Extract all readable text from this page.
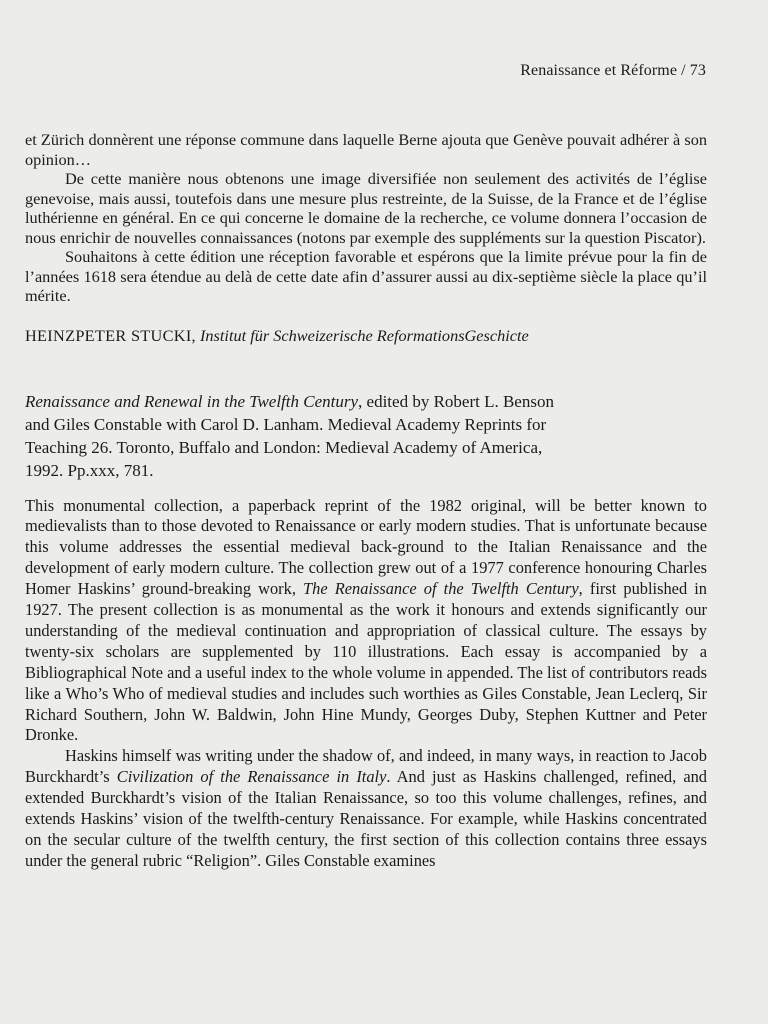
Renaissance et Réforme / 73

et Zürich donnèrent une réponse commune dans laquelle Berne ajouta que Genève pouvait adhérer à son opinion…

De cette manière nous obtenons une image diversifiée non seulement des activités de l’église genevoise, mais aussi, toutefois dans une mesure plus restreinte, de la Suisse, de la France et de l’église luthérienne en général. En ce qui concerne le domaine de la recherche, ce volume donnera l’occasion de nous enrichir de nouvelles connaissances (notons par exemple des suppléments sur la question Piscator).

Souhaitons à cette édition une réception favorable et espérons que la limite prévue pour la fin de l’années 1618 sera étendue au delà de cette date afin d’assurer aussi au dix-septième siècle la place qu’il mérite.

HEINZPETER STUCKI, Institut für Schweizerische ReformationsGeschicte
Renaissance and Renewal in the Twelfth Century, edited by Robert L. Benson
and Giles Constable with Carol D. Lanham. Medieval Academy Reprints for
Teaching 26. Toronto, Buffalo and London: Medieval Academy of America,
1992. Pp.xxx, 781.

This monumental collection, a paperback reprint of the 1982 original, will be better known to medievalists than to those devoted to Renaissance or early modern studies. That is unfortunate because this volume addresses the essential medieval back-ground to the Italian Renaissance and the development of early modern culture. The collection grew out of a 1977 conference honouring Charles Homer Haskins’ ground-breaking work, The Renaissance of the Twelfth Century, first published in 1927. The present collection is as monumental as the work it honours and extends significantly our understanding of the medieval continuation and appropriation of classical culture. The essays by twenty-six scholars are supplemented by 110 illustrations. Each essay is accompanied by a Bibliographical Note and a useful index to the whole volume in appended. The list of contributors reads like a Who’s Who of medieval studies and includes such worthies as Giles Constable, Jean Leclerq, Sir Richard Southern, John W. Baldwin, John Hine Mundy, Georges Duby, Stephen Kuttner and Peter Dronke.

Haskins himself was writing under the shadow of, and indeed, in many ways, in reaction to Jacob Burckhardt’s Civilization of the Renaissance in Italy. And just as Haskins challenged, refined, and extended Burckhardt’s vision of the Italian Renaissance, so too this volume challenges, refines, and extends Haskins’ vision of the twelfth-century Renaissance. For example, while Haskins concentrated on the secular culture of the twelfth century, the first section of this collection contains three essays under the general rubric “Religion”. Giles Constable examines
